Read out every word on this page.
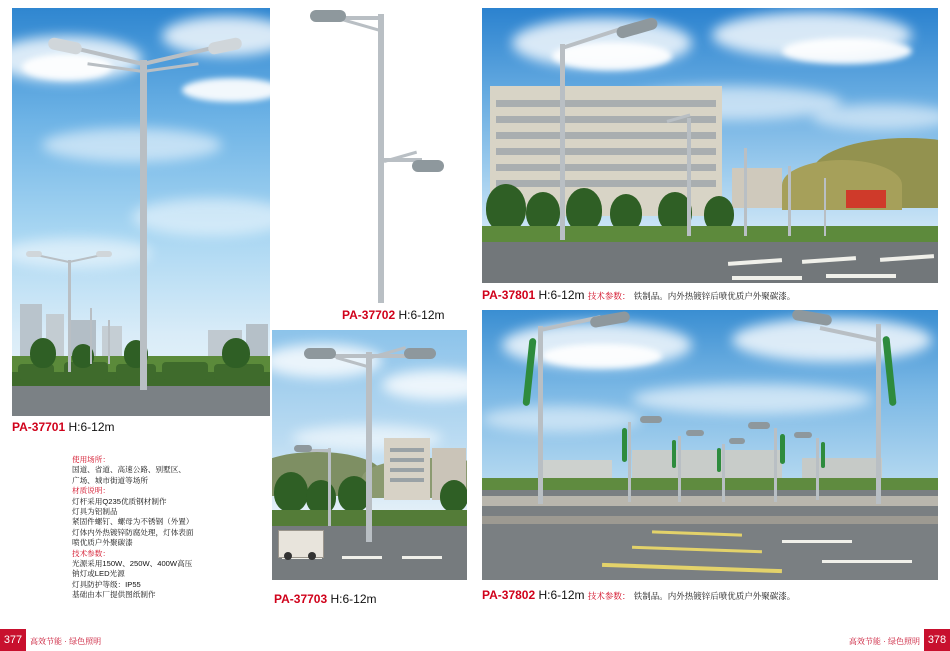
PA-37701 H:6-12m
使用场所：
国道、省道、高速公路、别墅区、
广场、城市街道等场所
材质说明：
灯杆采用Q235优质钢材制作
灯具为铝制品
紧固件螺钉、螺母为不锈钢（外置）
灯体内外热镀锌防腐处理，灯体表面
喷优质户外聚碳漆
技术参数：
光源采用150W、250W、400W高压
钠灯或LED光源
灯具防护等级：IP55
基础由本厂提供图纸制作
PA-37702 H:6-12m
PA-37703 H:6-12m
PA-37801 H:6-12m 技术参数： 铁制品。内外热镀锌后喷优质户外聚碳漆。
PA-37802 H:6-12m 技术参数： 铁制品。内外热镀锌后喷优质户外聚碳漆。
377 高效节能 · 绿色照明	378
高效节能 · 绿色照明
